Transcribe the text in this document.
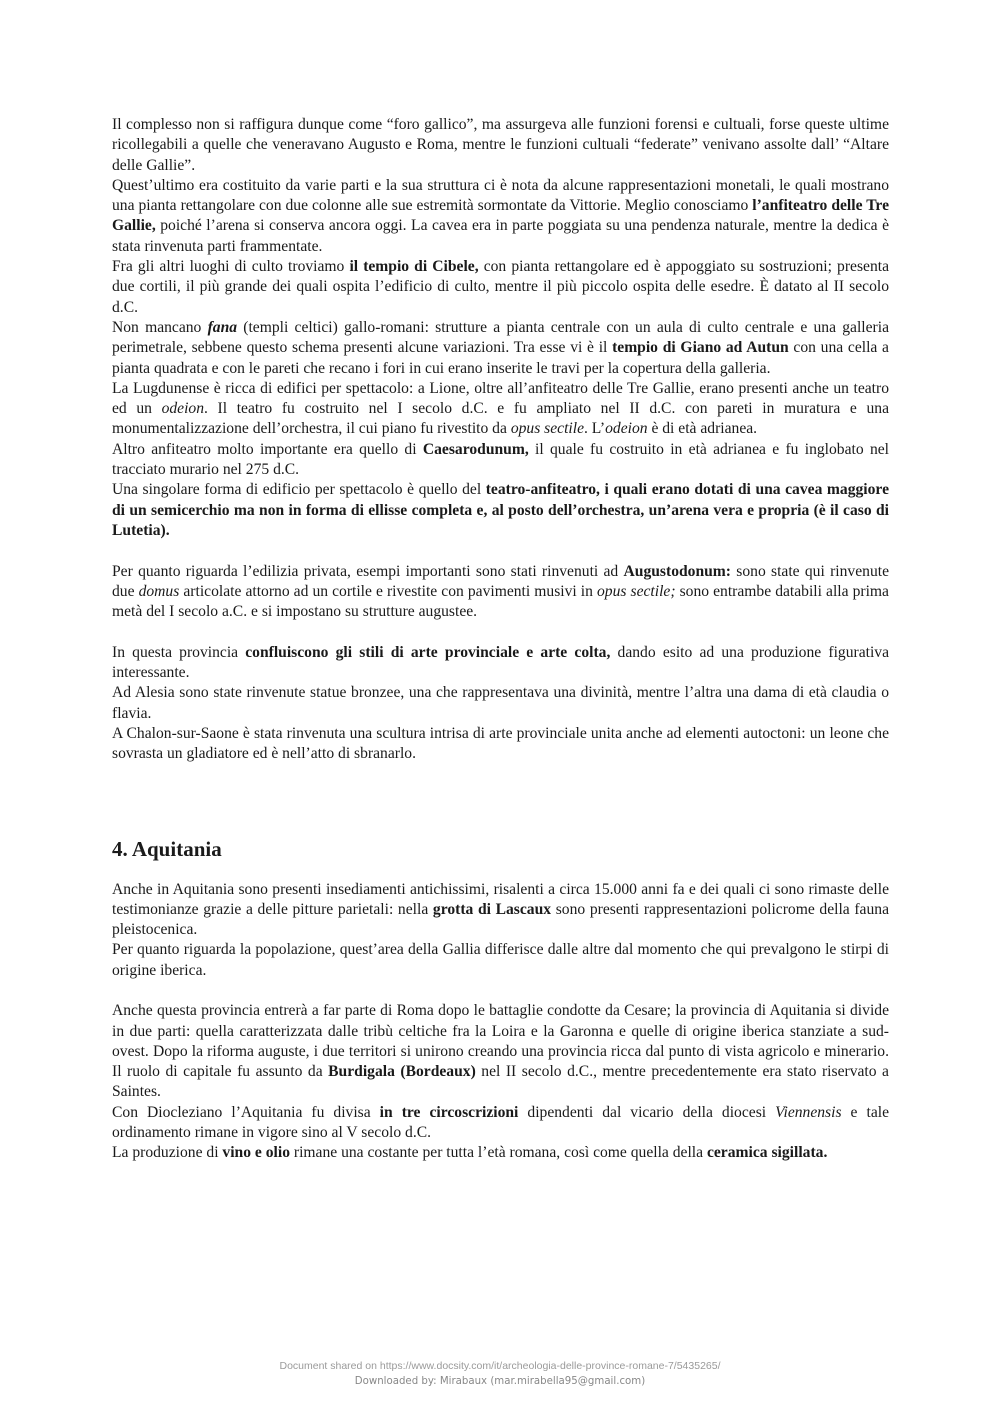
Il complesso non si raffigura dunque come “foro gallico”, ma assurgeva alle funzioni forensi e cultuali, forse queste ultime ricollegabili a quelle che veneravano Augusto e Roma, mentre le funzioni cultuali “federate” venivano assolte dall’ “Altare delle Gallie”.

Quest’ultimo era costituito da varie parti e la sua struttura ci è nota da alcune rappresentazioni monetali, le quali mostrano una pianta rettangolare con due colonne alle sue estremità sormontate da Vittorie. Meglio conosciamo l’anfiteatro delle Tre Gallie, poiché l’arena si conserva ancora oggi. La cavea era in parte poggiata su una pendenza naturale, mentre la dedica è stata rinvenuta parti frammentate.

Fra gli altri luoghi di culto troviamo il tempio di Cibele, con pianta rettangolare ed è appoggiato su sostruzioni; presenta due cortili, il più grande dei quali ospita l’edificio di culto, mentre il più piccolo ospita delle esedre. È datato al II secolo d.C.

Non mancano fana (templi celtici) gallo-romani: strutture a pianta centrale con un aula di culto centrale e una galleria perimetrale, sebbene questo schema presenti alcune variazioni. Tra esse vi è il tempio di Giano ad Autun con una cella a pianta quadrata e con le pareti che recano i fori in cui erano inserite le travi per la copertura della galleria.

La Lugdunense è ricca di edifici per spettacolo: a Lione, oltre all’anfiteatro delle Tre Gallie, erano presenti anche un teatro ed un odeion. Il teatro fu costruito nel I secolo d.C. e fu ampliato nel II d.C. con pareti in muratura e una monumentalizzazione dell’orchestra, il cui piano fu rivestito da opus sectile. L’odeion è di età adrianea.

Altro anfiteatro molto importante era quello di Caesarodunum, il quale fu costruito in età adrianea e fu inglobato nel tracciato murario nel 275 d.C.

Una singolare forma di edificio per spettacolo è quello del teatro-anfiteatro, i quali erano dotati di una cavea maggiore di un semicerchio ma non in forma di ellisse completa e, al posto dell’orchestra, un’arena vera e propria (è il caso di Lutetia).

Per quanto riguarda l’edilizia privata, esempi importanti sono stati rinvenuti ad Augustodonum: sono state qui rinvenute due domus articolate attorno ad un cortile e rivestite con pavimenti musivi in opus sectile; sono entrambe databili alla prima metà del I secolo a.C. e si impostano su strutture augustee.

In questa provincia confluiscono gli stili di arte provinciale e arte colta, dando esito ad una produzione figurativa interessante.

Ad Alesia sono state rinvenute statue bronzee, una che rappresentava una divinità, mentre l’altra una dama di età claudia o flavia.

A Chalon-sur-Saone è stata rinvenuta una scultura intrisa di arte provinciale unita anche ad elementi autoctoni: un leone che sovrasta un gladiatore ed è nell’atto di sbranarlo.

4. Aquitania

Anche in Aquitania sono presenti insediamenti antichissimi, risalenti a circa 15.000 anni fa e dei quali ci sono rimaste delle testimonianze grazie a delle pitture parietali: nella grotta di Lascaux sono presenti rappresentazioni policrome della fauna pleistocenica.

Per quanto riguarda la popolazione, quest’area della Gallia differisce dalle altre dal momento che qui prevalgono le stirpi di origine iberica.

Anche questa provincia entrerà a far parte di Roma dopo le battaglie condotte da Cesare; la provincia di Aquitania si divide in due parti: quella caratterizzata dalle tribù celtiche fra la Loira e la Garonna e quelle di origine iberica stanziate a sud-ovest. Dopo la riforma auguste, i due territori si unirono creando una provincia ricca dal punto di vista agricolo e minerario. Il ruolo di capitale fu assunto da Burdigala (Bordeaux) nel II secolo d.C., mentre precedentemente era stato riservato a Saintes.

Con Diocleziano l’Aquitania fu divisa in tre circoscrizioni dipendenti dal vicario della diocesi Viennensis e tale ordinamento rimane in vigore sino al V secolo d.C.

La produzione di vino e olio rimane una costante per tutta l’età romana, così come quella della ceramica sigillata.

Document shared on https://www.docsity.com/it/archeologia-delle-province-romane-7/5435265/
Downloaded by: Mirabaux (mar.mirabella95@gmail.com)
